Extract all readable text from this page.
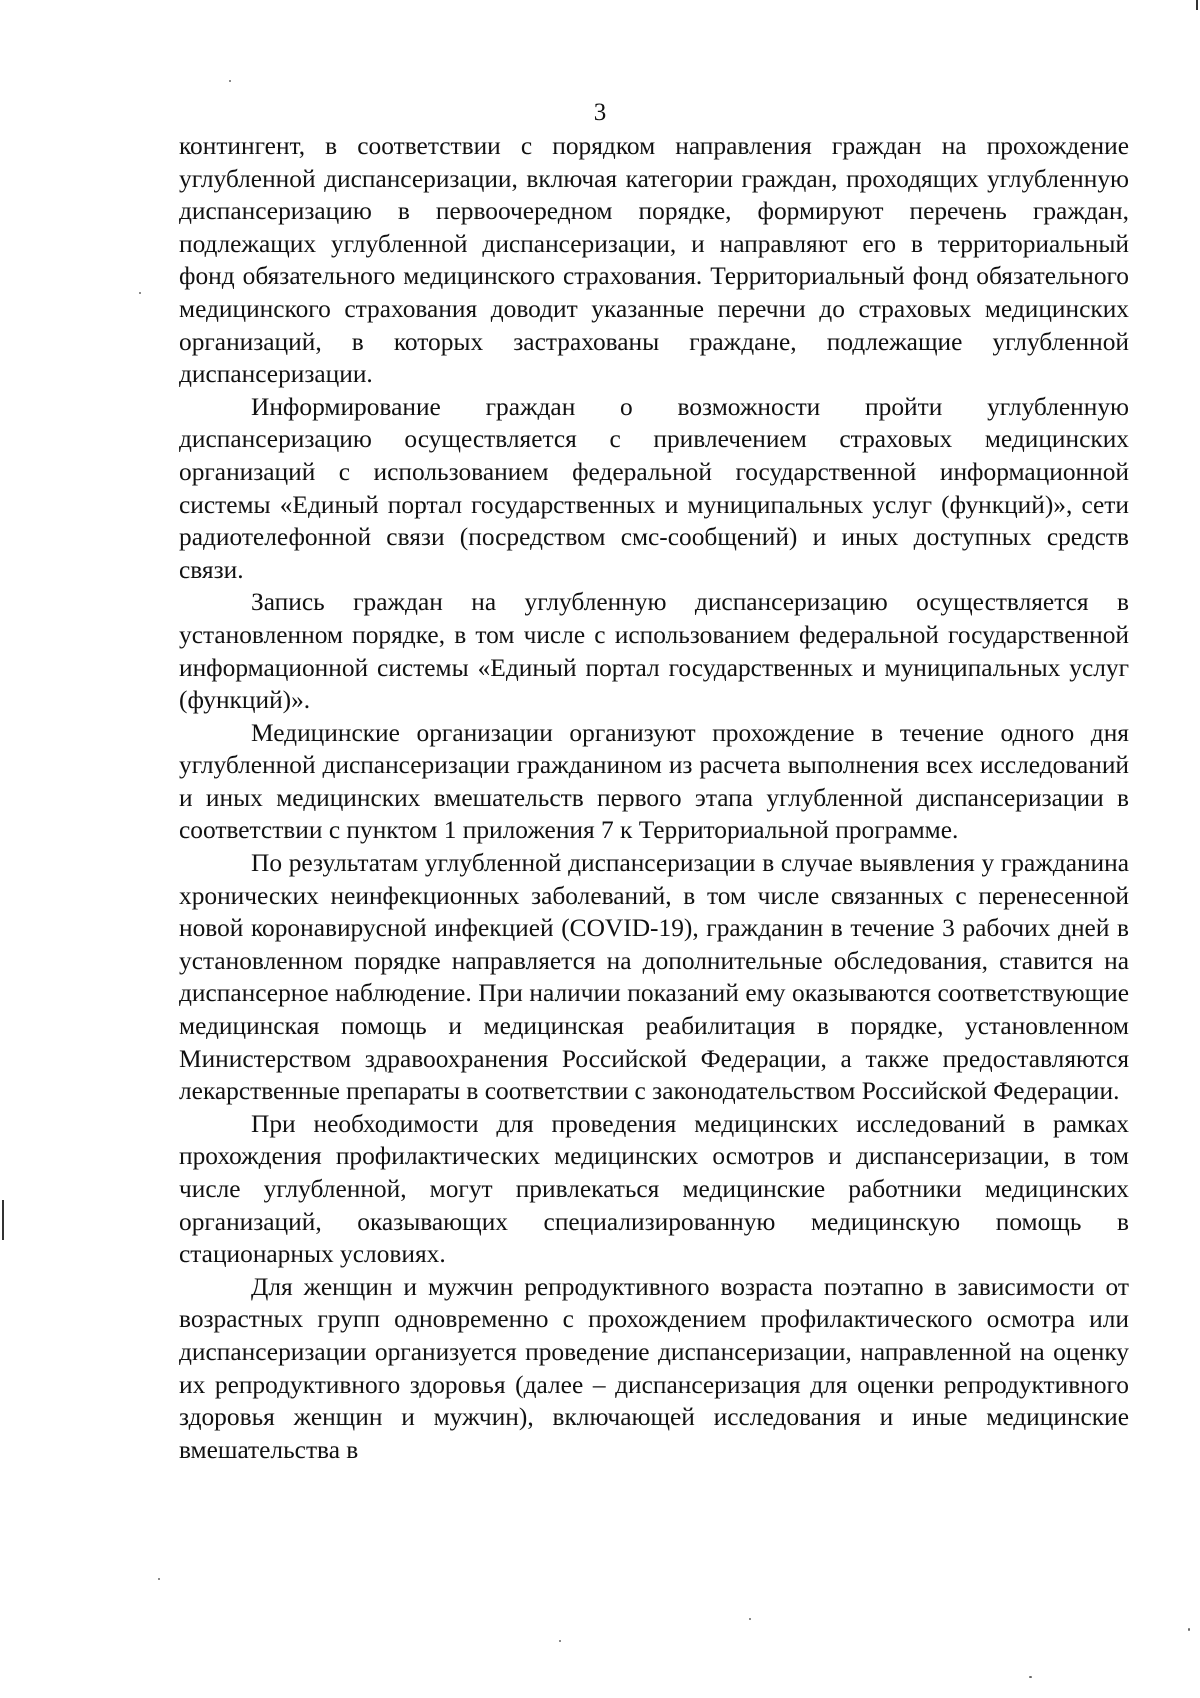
3

контингент, в соответствии с порядком направления граждан на прохождение углубленной диспансеризации, включая категории граждан, проходящих углубленную диспансеризацию в первоочередном порядке, формируют перечень граждан, подлежащих углубленной диспансеризации, и направляют его в территориальный фонд обязательного медицинского страхования. Территориальный фонд обязательного медицинского страхования доводит указанные перечни до страховых медицинских организаций, в которых застрахованы граждане, подлежащие углубленной диспансеризации.

Информирование граждан о возможности пройти углубленную диспансеризацию осуществляется с привлечением страховых медицинских организаций с использованием федеральной государственной информационной системы «Единый портал государственных и муниципальных услуг (функций)», сети радиотелефонной связи (посредством смс-сообщений) и иных доступных средств связи.

Запись граждан на углубленную диспансеризацию осуществляется в установленном порядке, в том числе с использованием федеральной государственной информационной системы «Единый портал государственных и муниципальных услуг (функций)».

Медицинские организации организуют прохождение в течение одного дня углубленной диспансеризации гражданином из расчета выполнения всех исследований и иных медицинских вмешательств первого этапа углубленной диспансеризации в соответствии с пунктом 1 приложения 7 к Территориальной программе.

По результатам углубленной диспансеризации в случае выявления у гражданина хронических неинфекционных заболеваний, в том числе связанных с перенесенной новой коронавирусной инфекцией (COVID-19), гражданин в течение 3 рабочих дней в установленном порядке направляется на дополнительные обследования, ставится на диспансерное наблюдение. При наличии показаний ему оказываются соответствующие медицинская помощь и медицинская реабилитация в порядке, установленном Министерством здравоохранения Российской Федерации, а также предоставляются лекарственные препараты в соответствии с законодательством Российской Федерации.

При необходимости для проведения медицинских исследований в рамках прохождения профилактических медицинских осмотров и диспансеризации, в том числе углубленной, могут привлекаться медицинские работники медицинских организаций, оказывающих специализированную медицинскую помощь в стационарных условиях.

Для женщин и мужчин репродуктивного возраста поэтапно в зависимости от возрастных групп одновременно с прохождением профилактического осмотра или диспансеризации организуется проведение диспансеризации, направленной на оценку их репродуктивного здоровья (далее – диспансеризация для оценки репродуктивного здоровья женщин и мужчин), включающей исследования и иные медицинские вмешательства в
